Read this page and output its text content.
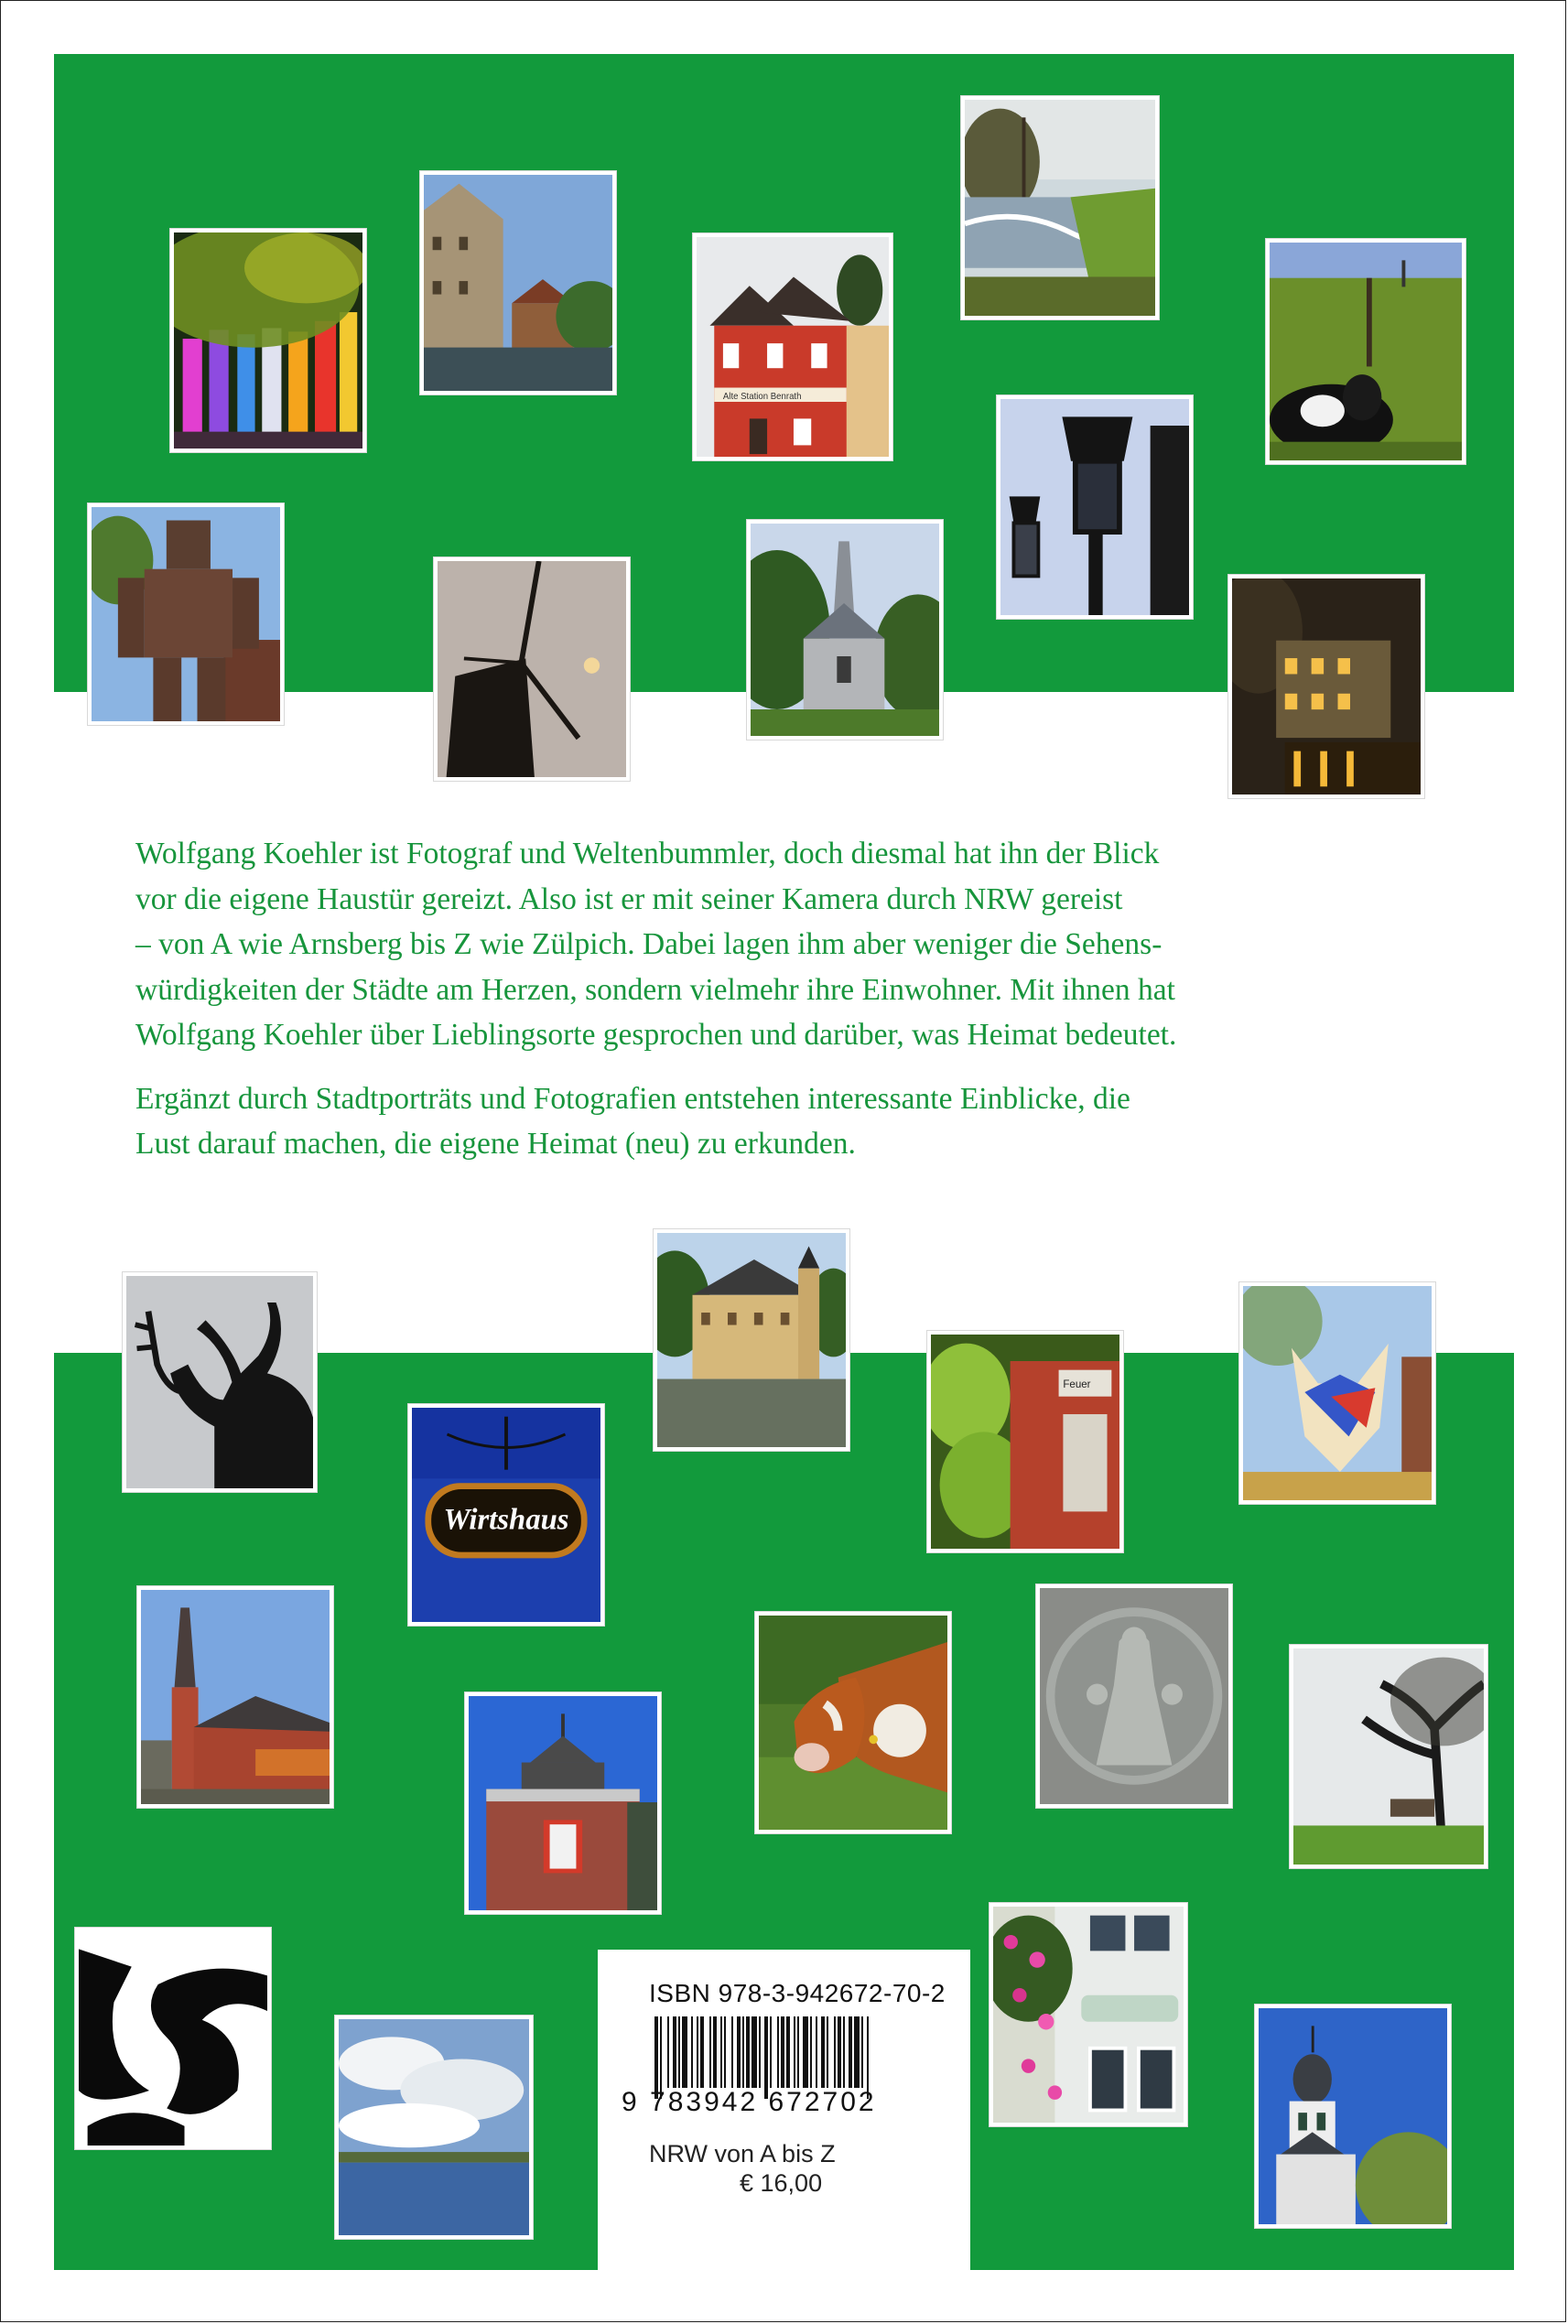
Alte Station Benrath

Wolfgang Koehler ist Fotograf und Weltenbummler, doch diesmal hat ihn der Blick
vor die eigene Haustür gereizt. Also ist er mit seiner Kamera durch NRW gereist
– von A wie Arnsberg bis Z wie Zülpich. Dabei lagen ihm aber weniger die Sehens-
würdigkeiten der Städte am Herzen, sondern vielmehr ihre Einwohner. Mit ihnen hat
Wolfgang Koehler über Lieblingsorte gesprochen und darüber, was Heimat bedeutet.

Ergänzt durch Stadtporträts und Fotografien entstehen interessante Einblicke, die
Lust darauf machen, die eigene Heimat (neu) zu erkunden.

Feuer
Wirtshaus
ISBN 978-3-942672-70-2
9 783942 672702
NRW von A bis Z
€ 16,00
